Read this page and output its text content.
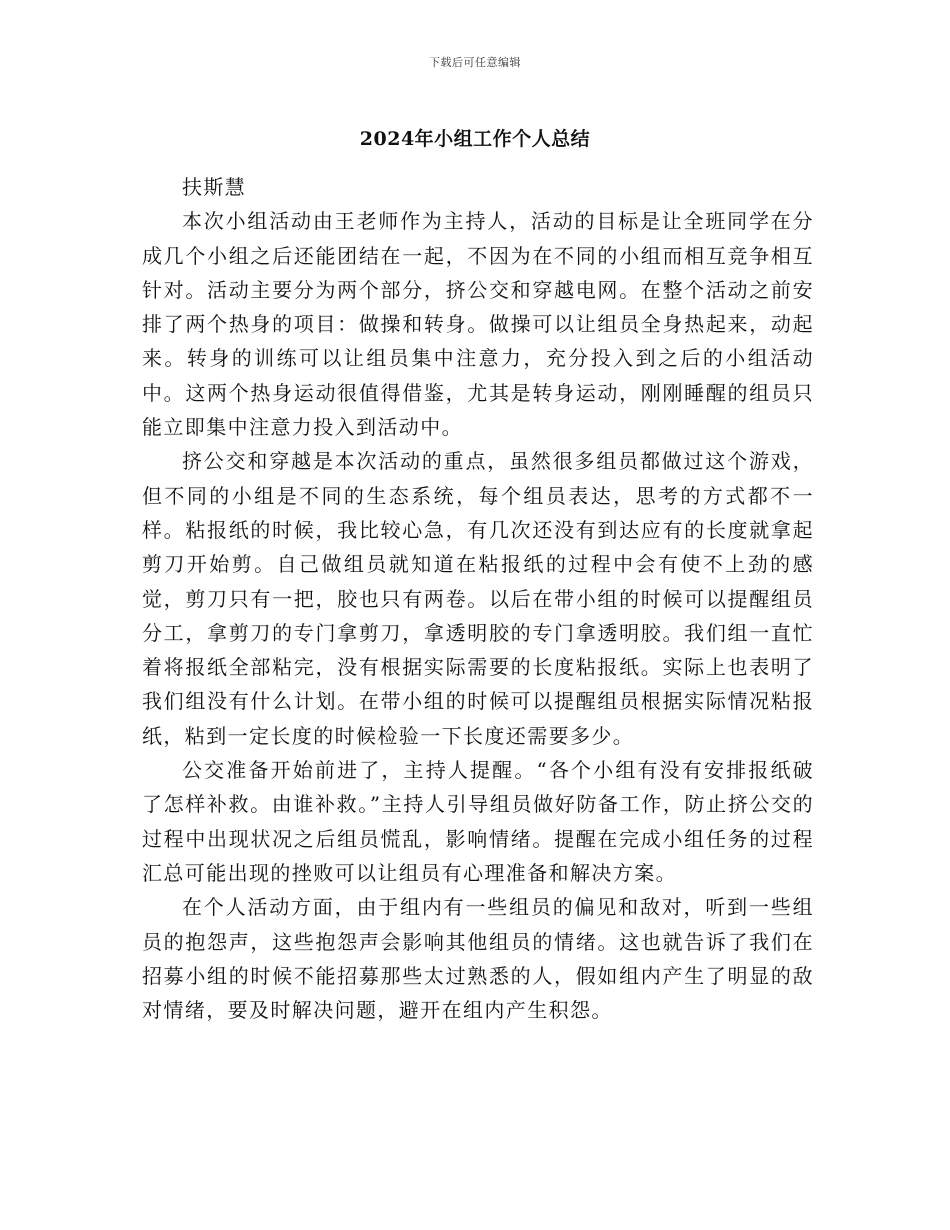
下载后可任意编辑
2024年小组工作个人总结

扶斯慧

本次小组活动由王老师作为主持人，活动的目标是让全班同学在分成几个小组之后还能团结在一起，不因为在不同的小组而相互竞争相互针对。活动主要分为两个部分，挤公交和穿越电网。在整个活动之前安排了两个热身的项目：做操和转身。做操可以让组员全身热起来，动起来。转身的训练可以让组员集中注意力，充分投入到之后的小组活动中。这两个热身运动很值得借鉴，尤其是转身运动，刚刚睡醒的组员只能立即集中注意力投入到活动中。

挤公交和穿越是本次活动的重点，虽然很多组员都做过这个游戏，但不同的小组是不同的生态系统，每个组员表达，思考的方式都不一样。粘报纸的时候，我比较心急，有几次还没有到达应有的长度就拿起剪刀开始剪。自己做组员就知道在粘报纸的过程中会有使不上劲的感觉，剪刀只有一把，胶也只有两卷。以后在带小组的时候可以提醒组员分工，拿剪刀的专门拿剪刀，拿透明胶的专门拿透明胶。我们组一直忙着将报纸全部粘完，没有根据实际需要的长度粘报纸。实际上也表明了我们组没有什么计划。在带小组的时候可以提醒组员根据实际情况粘报纸，粘到一定长度的时候检验一下长度还需要多少。

公交准备开始前进了，主持人提醒。“各个小组有没有安排报纸破了怎样补救。由谁补救。”主持人引导组员做好防备工作，防止挤公交的过程中出现状况之后组员慌乱，影响情绪。提醒在完成小组任务的过程汇总可能出现的挫败可以让组员有心理准备和解决方案。

在个人活动方面，由于组内有一些组员的偏见和敌对，听到一些组员的抱怨声，这些抱怨声会影响其他组员的情绪。这也就告诉了我们在招募小组的时候不能招募那些太过熟悉的人，假如组内产生了明显的敌对情绪，要及时解决问题，避开在组内产生积怨。
